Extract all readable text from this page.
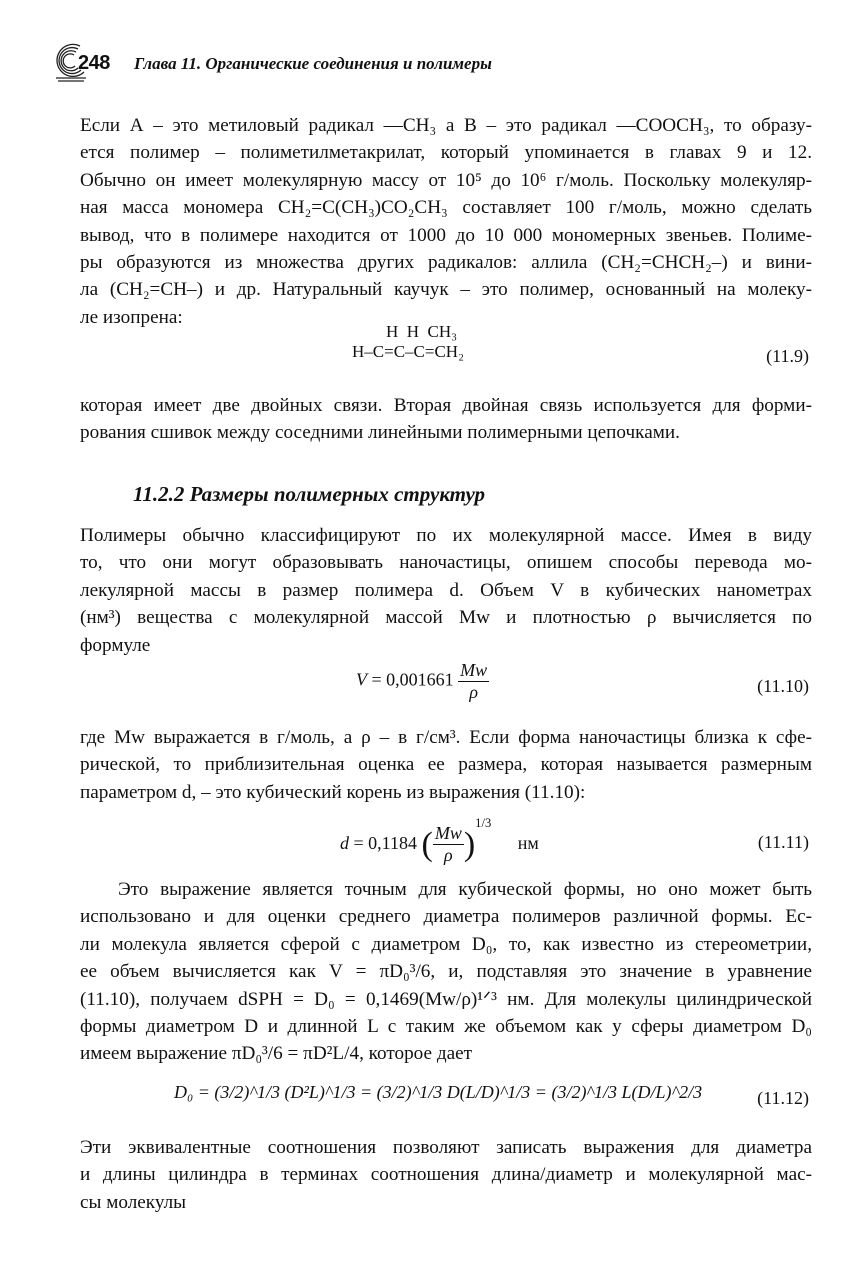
248 Глава 11. Органические соединения и полимеры
Если А – это метиловый радикал —CH₃ а В – это радикал —COOCH₃, то образу-
ется полимер – полиметилметакрилат, который упоминается в главах 9 и 12.
Обычно он имеет молекулярную массу от 10⁵ до 10⁶ г/моль. Поскольку молекуляр-
ная масса мономера CH₂=C(CH₃)CO₂CH₃ составляет 100 г/моль, можно сделать
вывод, что в полимере находится от 1000 до 10 000 мономерных звеньев. Полиме-
ры образуются из множества других радикалов: аллила (CH₂=CHCH₂–) и вини-
ла (CH₂=CH–) и др. Натуральный каучук – это полимер, основанный на молеку-
ле изопрена:
H  H  CH₃
H–C=C–C=CH₂	(11.9)
которая имеет две двойных связи. Вторая двойная связь используется для форми-
рования сшивок между соседними линейными полимерными цепочками.
11.2.2 Размеры полимерных структур
Полимеры обычно классифицируют по их молекулярной массе. Имея в виду
то, что они могут образовывать наночастицы, опишем способы перевода мо-
лекулярной массы в размер полимера d. Объем V в кубических нанометрах
(нм³) вещества с молекулярной массой Mw и плотностью ρ вычисляется по
формуле
$V = 0,001661 \frac{Mw}{\rho}$	(11.10)
где Mw выражается в г/моль, а ρ – в г/см³. Если форма наночастицы близка к сфе-
рической, то приблизительная оценка ее размера, которая называется размерным
параметром d, – это кубический корень из выражения (11.10):
d = 0,1184 ( $\frac{Mw}{\rho} )^{1/3}$ нм	(11.11)
Это выражение является точным для кубической формы, но оно может быть
использовано и для оценки среднего диаметра полимеров различной формы. Ес-
ли молекула является сферой с диаметром D₀, то, как известно из стереометрии,
ее объем вычисляется как V = πD₀³/6, и, подставляя это значение в уравнение
(11.10), получаем dSPH = D₀ = 0,1469(Mw/ρ)¹ᐟ³ нм. Для молекулы цилиндрической
формы диаметром D и длинной L с таким же объемом как у сферы диаметром D₀
имеем выражение πD₀³/6 = πD²L/4, которое дает
D₀ = (3/2)^1/3 (D²L)^1/3 = (3/2)^1/3 D(L/D)^1/3 = (3/2)^1/3 L(D/L)^2/3	(11.12)
Эти эквивалентные соотношения позволяют записать выражения для диаметра
и длины цилиндра в терминах соотношения длина/диаметр и молекулярной мас-
сы молекулы
